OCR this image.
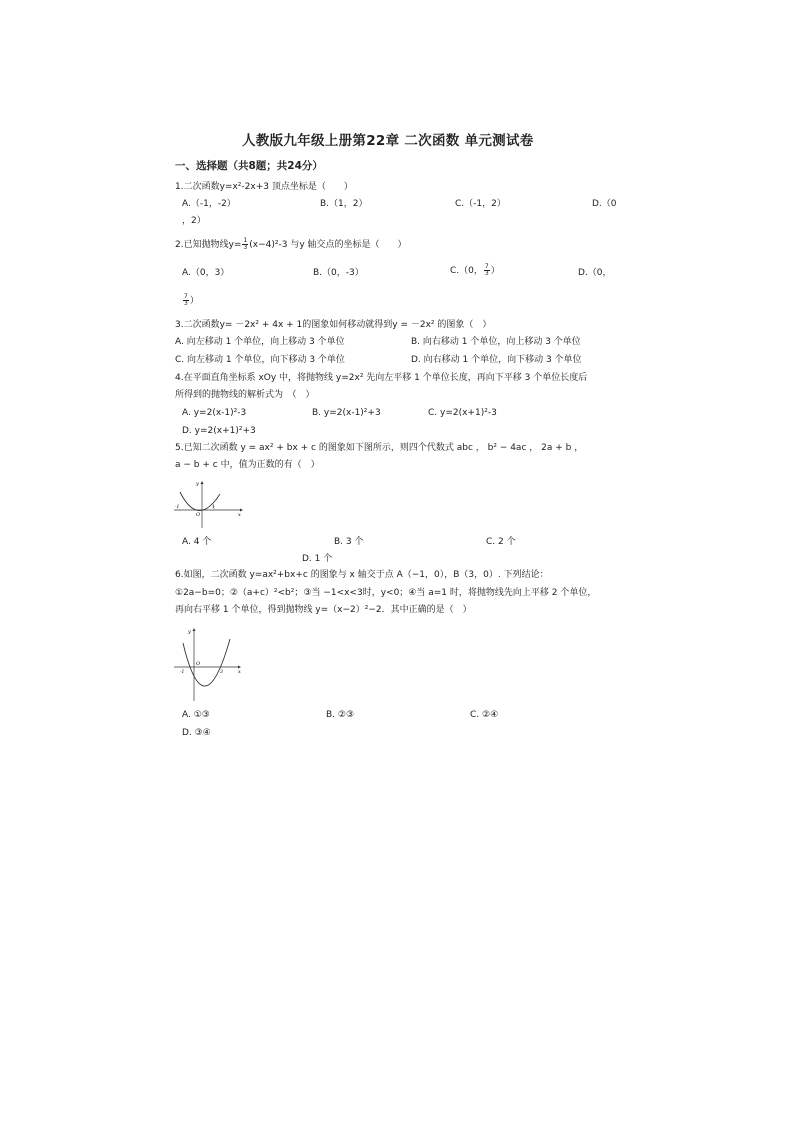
人教版九年级上册第22章 二次函数 单元测试卷
一、选择题（共8题；共24分）
1.二次函数y=x²-2x+3 顶点坐标是（　　）
A.（-1，-2）	B.（1，2）	C.（-1，2）	D.（0
，2）
2.已知抛物线$y= \frac{1}{3} (x-4)^2-3$ 与y 轴交点的坐标是（　　）
A.（0，3）	B.（0，-3）	C.（0， $\frac{7}{3}$ ）	D.（0，
$\frac{7}{3}$ ）
3.二次函数y= －2x² + 4x + 1的图象如何移动就得到y = －2x² 的图象（　）
A. 向左移动 1 个单位，向上移动 3 个单位	B. 向右移动 1 个单位，向上移动 3 个单位
C. 向左移动 1 个单位，向下移动 3 个单位	D. 向右移动 1 个单位，向下移动 3 个单位
4.在平面直角坐标系 xOy 中，将抛物线 y=2x² 先向左平移 1 个单位长度，再向下平移 3 个单位长度后
所得到的抛物线的解析式为　（　）
A. y=2(x-1)²-3	B. y=2(x-1)²+3	C. y=2(x+1)²-3
D. y=2(x+1)²+3
5.已知二次函数 y = ax² + bx + c 的图象如下图所示，则四个代数式 abc ， b² − 4ac ， 2a + b ，
a − b + c 中，值为正数的有（　）
y
O	x
-1	1
A. 4 个	B. 3 个	C. 2 个
D. 1 个
6.如图，二次函数 y=ax²+bx+c 的图象与 x 轴交于点 A（−1，0），B（3，0）. 下列结论：
①2a−b=0；②（a+c）²<b²；③当 −1<x<3时，y<0；④当 a=1 时，将抛物线先向上平移 2 个单位，
再向右平移 1 个单位，得到抛物线 y=（x−2）²−2．其中正确的是（　）
y
O
x
-1	3
A. ①③	B. ②③	C. ②④
D. ③④
